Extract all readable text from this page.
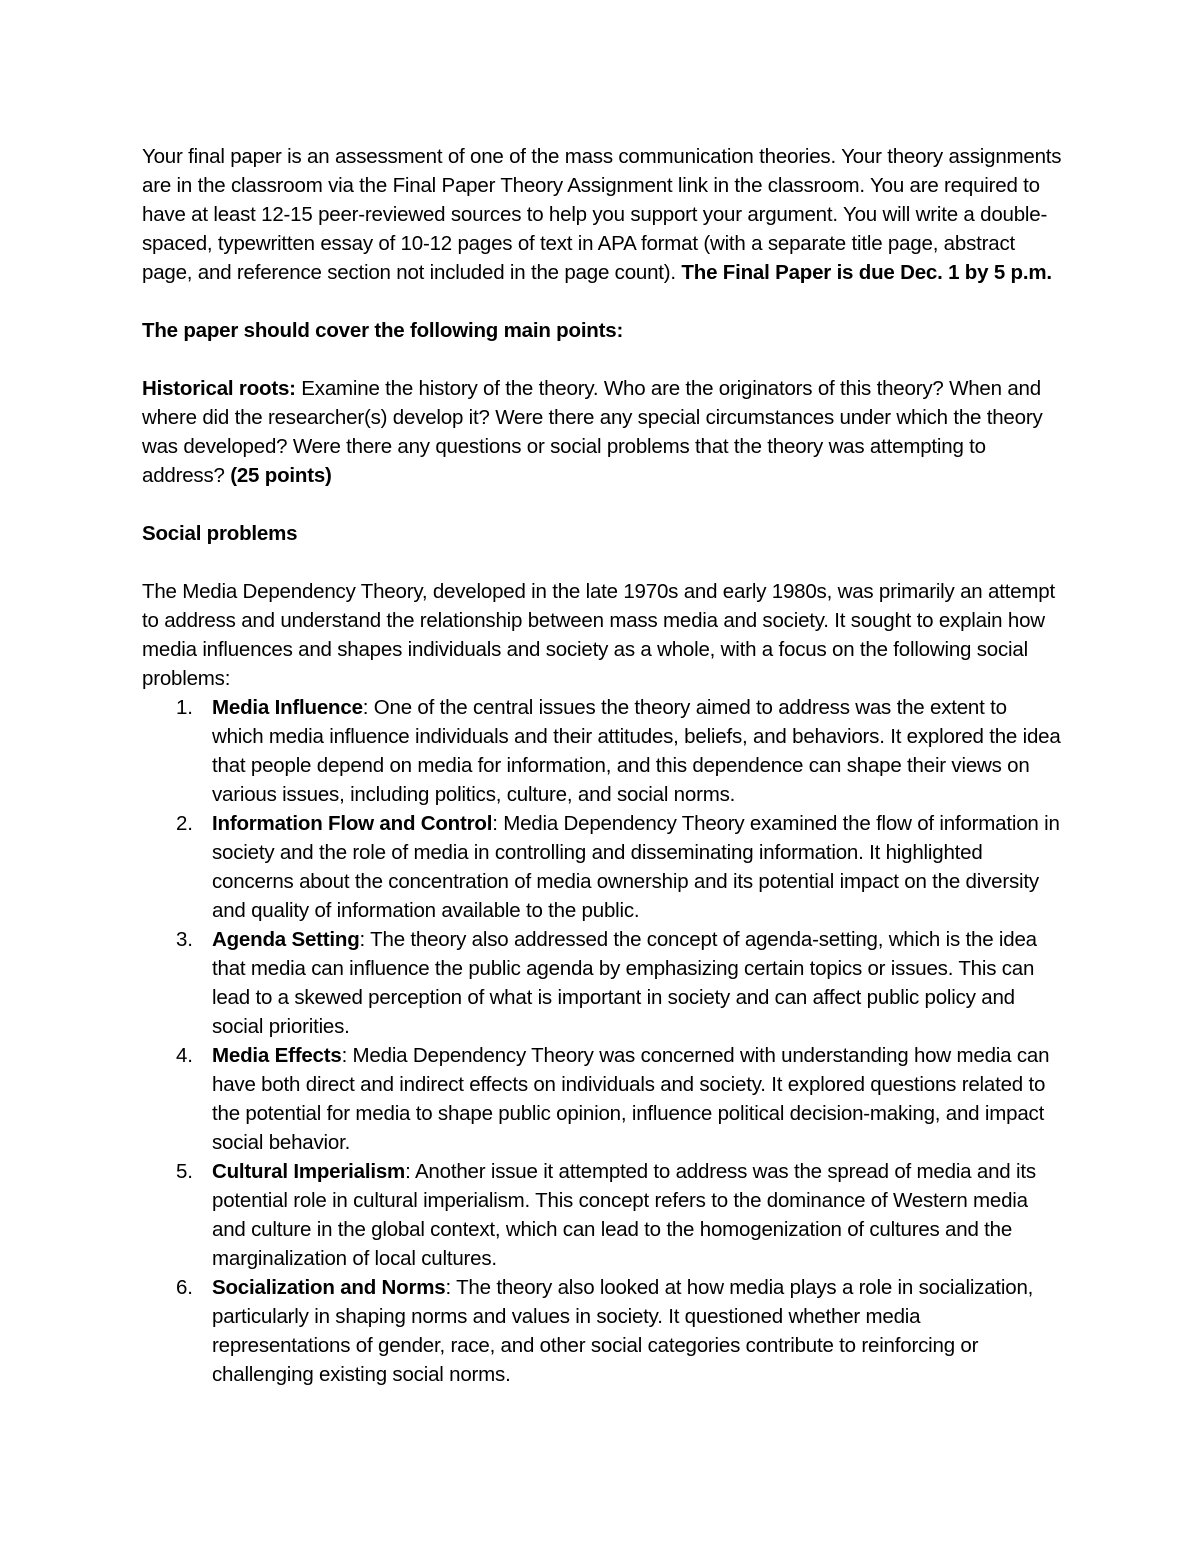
Your final paper is an assessment of one of the mass communication theories. Your theory assignments are in the classroom via the Final Paper Theory Assignment link in the classroom. You are required to have at least 12-15 peer-reviewed sources to help you support your argument. You will write a double-spaced, typewritten essay of 10-12 pages of text in APA format (with a separate title page, abstract page, and reference section not included in the page count). The Final Paper is due Dec. 1 by 5 p.m.

The paper should cover the following main points:

Historical roots: Examine the history of the theory. Who are the originators of this theory? When and where did the researcher(s) develop it? Were there any special circumstances under which the theory was developed? Were there any questions or social problems that the theory was attempting to address? (25 points)

Social problems

The Media Dependency Theory, developed in the late 1970s and early 1980s, was primarily an attempt to address and understand the relationship between mass media and society. It sought to explain how media influences and shapes individuals and society as a whole, with a focus on the following social problems:

1. Media Influence: One of the central issues the theory aimed to address was the extent to which media influence individuals and their attitudes, beliefs, and behaviors. It explored the idea that people depend on media for information, and this dependence can shape their views on various issues, including politics, culture, and social norms.
2. Information Flow and Control: Media Dependency Theory examined the flow of information in society and the role of media in controlling and disseminating information. It highlighted concerns about the concentration of media ownership and its potential impact on the diversity and quality of information available to the public.
3. Agenda Setting: The theory also addressed the concept of agenda-setting, which is the idea that media can influence the public agenda by emphasizing certain topics or issues. This can lead to a skewed perception of what is important in society and can affect public policy and social priorities.
4. Media Effects: Media Dependency Theory was concerned with understanding how media can have both direct and indirect effects on individuals and society. It explored questions related to the potential for media to shape public opinion, influence political decision-making, and impact social behavior.
5. Cultural Imperialism: Another issue it attempted to address was the spread of media and its potential role in cultural imperialism. This concept refers to the dominance of Western media and culture in the global context, which can lead to the homogenization of cultures and the marginalization of local cultures.
6. Socialization and Norms: The theory also looked at how media plays a role in socialization, particularly in shaping norms and values in society. It questioned whether media representations of gender, race, and other social categories contribute to reinforcing or challenging existing social norms.
